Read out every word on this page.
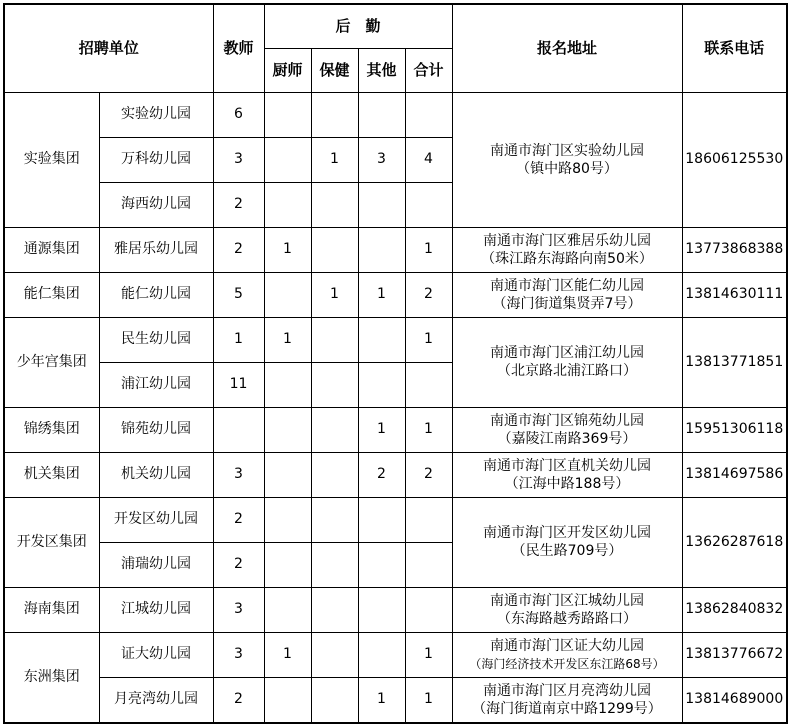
招聘单位		教师	后　勤				报名地址	联系电话
			厨师	保健	其他	合计		
实验集团	实验幼儿园	6					南通市海门区实验幼儿园
（镇中路80号）	18606125530
	万科幼儿园	3		1	3	4		
	海西幼儿园	2						
通源集团	雅居乐幼儿园	2	1			1	南通市海门区雅居乐幼儿园
（珠江路东海路向南50米）	13773868388
能仁集团	能仁幼儿园	5		1	1	2	南通市海门区能仁幼儿园
（海门街道集贤弄7号）	13814630111
少年宫集团	民生幼儿园	1	1			1	南通市海门区浦江幼儿园
（北京路北浦江路口）	13813771851
	浦江幼儿园	11						
锦绣集团	锦苑幼儿园				1	1	南通市海门区锦苑幼儿园
（嘉陵江南路369号）	15951306118
机关集团	机关幼儿园	3			2	2	南通市海门区直机关幼儿园
（江海中路188号）	13814697586
开发区集团	开发区幼儿园	2					南通市海门区开发区幼儿园
（民生路709号）	13626287618
	浦瑞幼儿园	2						
海南集团	江城幼儿园	3					南通市海门区江城幼儿园
（东海路越秀路路口）	13862840832
东洲集团	证大幼儿园	3	1			1	南通市海门区证大幼儿园
（海门经济技术开发区东江路68号）	13813776672
	月亮湾幼儿园	2			1	1	南通市海门区月亮湾幼儿园
（海门街道南京中路1299号）	13814689000
